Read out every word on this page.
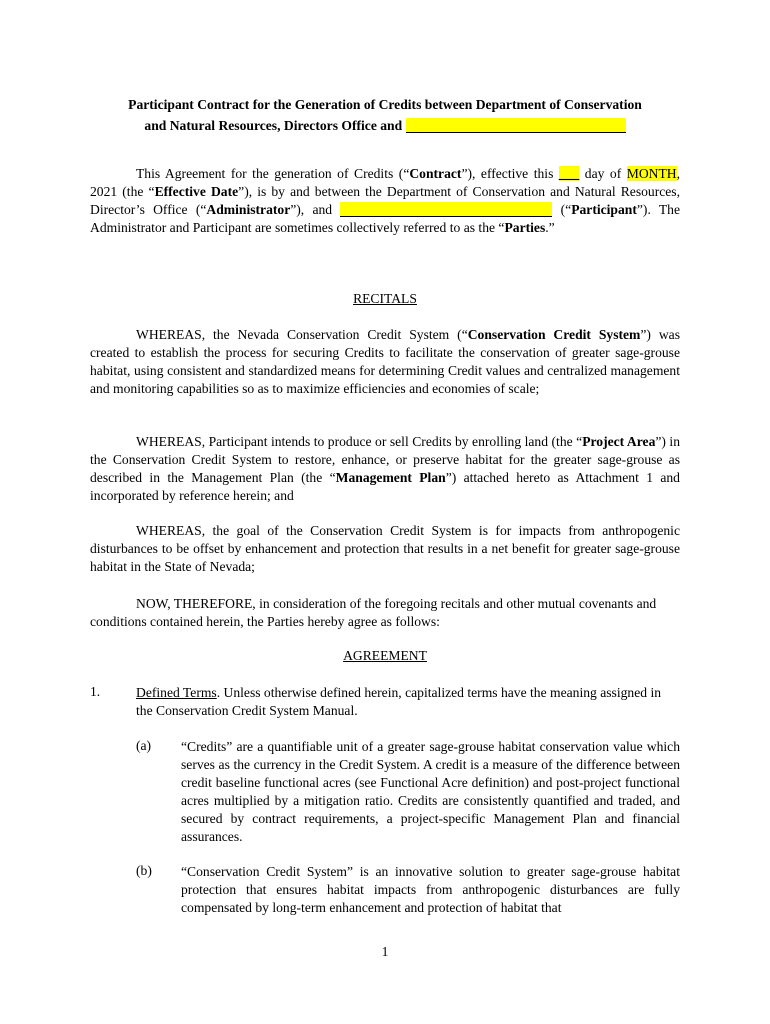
Participant Contract for the Generation of Credits between Department of Conservation
and Natural Resources, Directors Office and
This Agreement for the generation of Credits (“Contract”), effective this ___ day of MONTH, 2021 (the “Effective Date”), is by and between the Department of Conservation and Natural Resources, Director’s Office (“Administrator”), and	(“Participant”). The Administrator and Participant are sometimes collectively referred to as the “Parties.”
RECITALS
WHEREAS, the Nevada Conservation Credit System (“Conservation Credit System”) was created to establish the process for securing Credits to facilitate the conservation of greater sage-grouse habitat, using consistent and standardized means for determining Credit values and centralized management and monitoring capabilities so as to maximize efficiencies and economies of scale;
WHEREAS, Participant intends to produce or sell Credits by enrolling land (the “Project Area”) in the Conservation Credit System to restore, enhance, or preserve habitat for the greater sage-grouse as described in the Management Plan (the “Management Plan”) attached hereto as Attachment 1 and incorporated by reference herein; and
WHEREAS, the goal of the Conservation Credit System is for impacts from anthropogenic disturbances to be offset by enhancement and protection that results in a net benefit for greater sage-grouse habitat in the State of Nevada;
NOW, THEREFORE, in consideration of the foregoing recitals and other mutual covenants and conditions contained herein, the Parties hereby agree as follows:
AGREEMENT
1.	Defined Terms. Unless otherwise defined herein, capitalized terms have the meaning assigned in the Conservation Credit System Manual.
(a) “Credits” are a quantifiable unit of a greater sage-grouse habitat conservation value which serves as the currency in the Credit System. A credit is a measure of the difference between credit baseline functional acres (see Functional Acre definition) and post-project functional acres multiplied by a mitigation ratio. Credits are consistently quantified and traded, and secured by contract requirements, a project-specific Management Plan and financial assurances.
(b) “Conservation Credit System” is an innovative solution to greater sage-grouse habitat protection that ensures habitat impacts from anthropogenic disturbances are fully compensated by long-term enhancement and protection of habitat that
1
